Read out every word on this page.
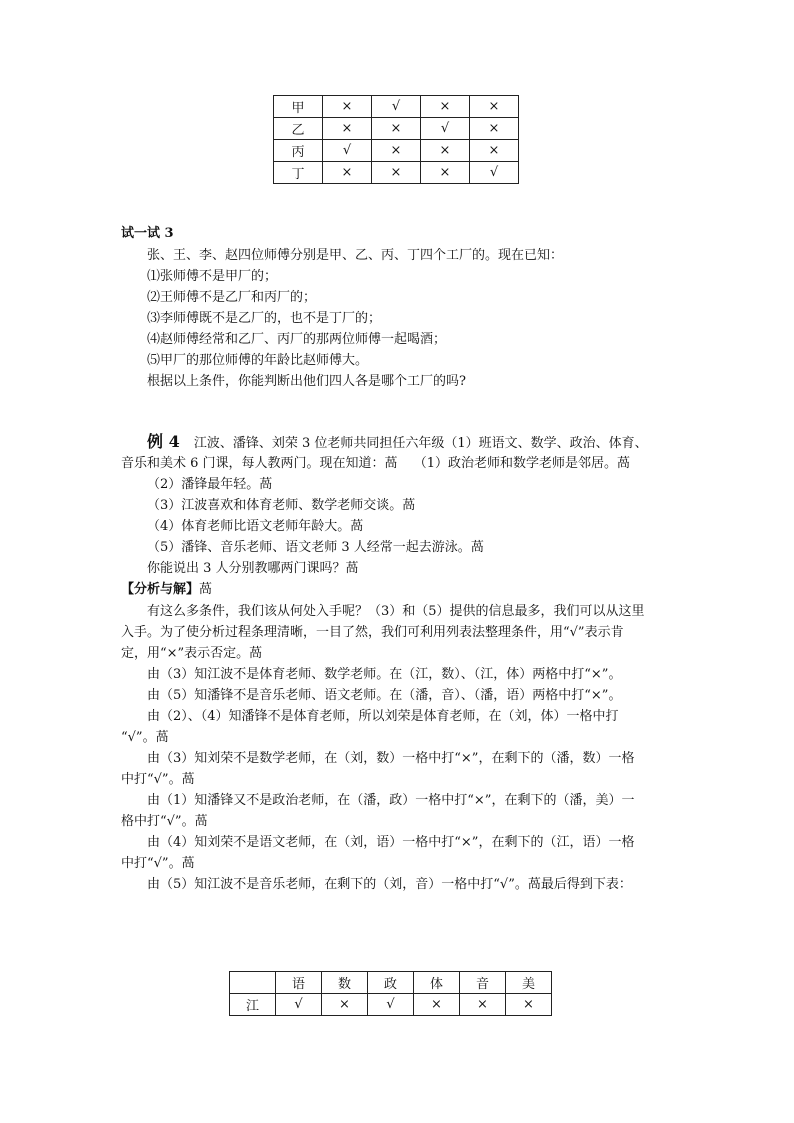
甲	×	√	×	×
乙	×	×	√	×
丙	√	×	×	×
丁	×	×	×	√
试一试 3
张、王、李、赵四位师傅分别是甲、乙、丙、丁四个工厂的。现在已知：
⑴张师傅不是甲厂的；
⑵王师傅不是乙厂和丙厂的；
⑶李师傅既不是乙厂的，也不是丁厂的；
⑷赵师傅经常和乙厂、丙厂的那两位师傅一起喝酒；
⑸甲厂的那位师傅的年龄比赵师傅大。
根据以上条件，你能判断出他们四人各是哪个工厂的吗?
例 4 江波、潘锋、刘荣 3 位老师共同担任六年级（1）班语文、数学、政治、体育、
音乐和美术 6 门课，每人教两门。现在知道：萵 （1）政治老师和数学老师是邻居。萵
（2）潘锋最年轻。萵
（3）江波喜欢和体育老师、数学老师交谈。萵
（4）体育老师比语文老师年龄大。萵
（5）潘锋、音乐老师、语文老师 3 人经常一起去游泳。萵
你能说出 3 人分别教哪两门课吗？萵
【分析与解】萵
有这么多条件，我们该从何处入手呢？（3）和（5）提供的信息最多，我们可以从这里
入手。为了使分析过程条理清晰，一目了然，我们可利用列表法整理条件，用“√”表示肯
定，用“×”表示否定。萵
由（3）知江波不是体育老师、数学老师。在（江，数）、（江，体）两格中打“×”。
由（5）知潘锋不是音乐老师、语文老师。在（潘，音）、（潘，语）两格中打“×”。
由（2）、（4）知潘锋不是体育老师，所以刘荣是体育老师，在（刘，体）一格中打
“√”。萵
由（3）知刘荣不是数学老师，在（刘，数）一格中打“×”，在剩下的（潘，数）一格
中打“√”。萵
由（1）知潘锋又不是政治老师，在（潘，政）一格中打“×”，在剩下的（潘，美）一
格中打“√”。萵
由（4）知刘荣不是语文老师，在（刘，语）一格中打“×”，在剩下的（江，语）一格
中打“√”。萵
由（5）知江波不是音乐老师，在剩下的（刘，音）一格中打“√”。萵最后得到下表：
	语	数	政	体	音	美
江	√	×	√	×	×	×
